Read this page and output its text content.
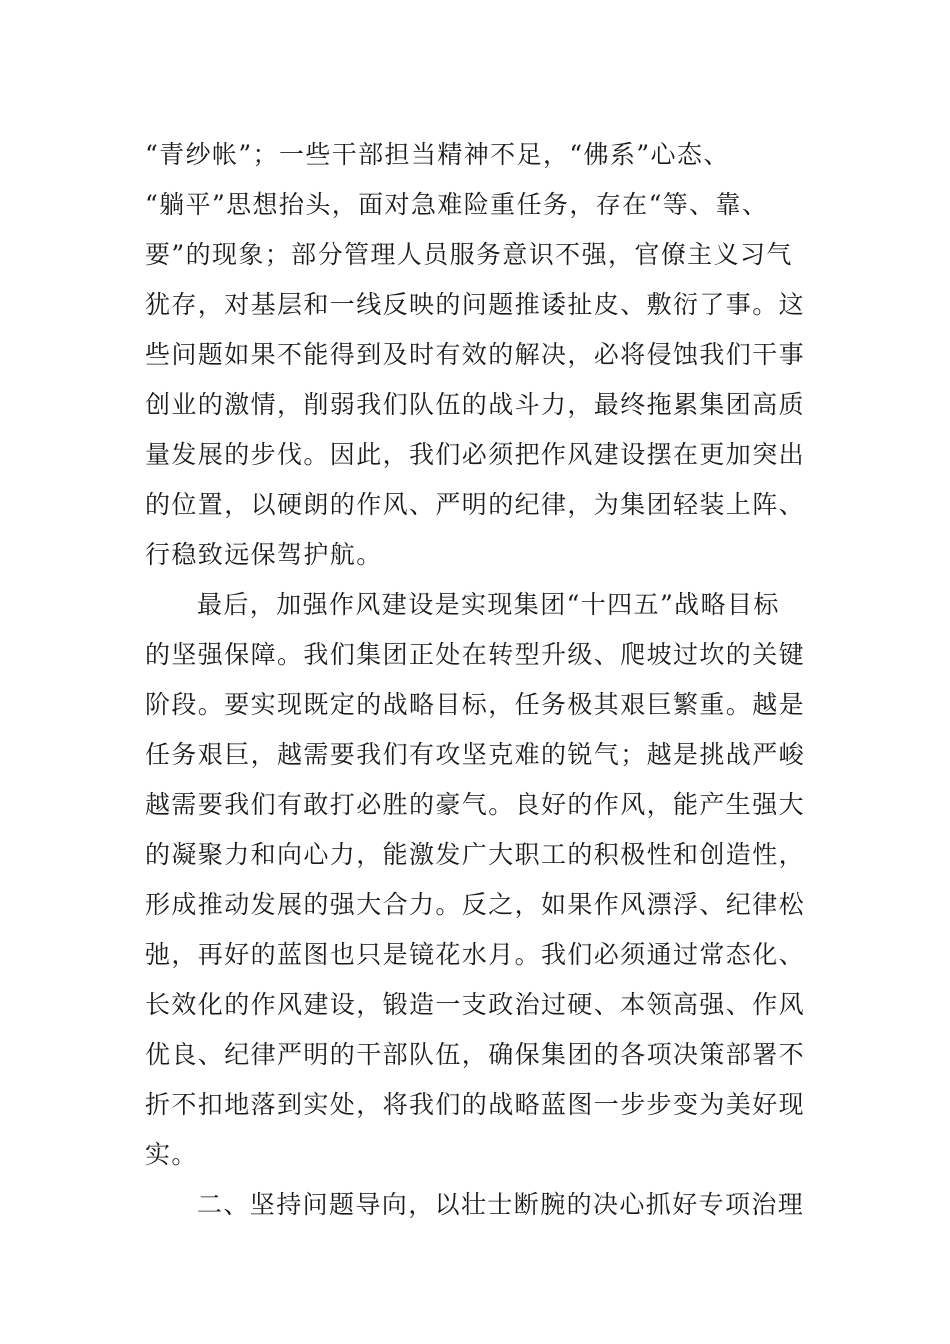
“青纱帐”；一些干部担当精神不足，“佛系”心态、
“躺平”思想抬头，面对急难险重任务，存在“等、靠、
要”的现象；部分管理人员服务意识不强，官僚主义习气
犹存，对基层和一线反映的问题推诿扯皮、敷衍了事。这
些问题如果不能得到及时有效的解决，必将侵蚀我们干事
创业的激情，削弱我们队伍的战斗力，最终拖累集团高质
量发展的步伐。因此，我们必须把作风建设摆在更加突出
的位置，以硬朗的作风、严明的纪律，为集团轻装上阵、
行稳致远保驾护航。
最后，加强作风建设是实现集团“十四五”战略目标
的坚强保障。我们集团正处在转型升级、爬坡过坎的关键
阶段。要实现既定的战略目标，任务极其艰巨繁重。越是
任务艰巨，越需要我们有攻坚克难的锐气；越是挑战严峻
越需要我们有敢打必胜的豪气。良好的作风，能产生强大
的凝聚力和向心力，能激发广大职工的积极性和创造性，
形成推动发展的强大合力。反之，如果作风漂浮、纪律松
弛，再好的蓝图也只是镜花水月。我们必须通过常态化、
长效化的作风建设，锻造一支政治过硬、本领高强、作风
优良、纪律严明的干部队伍，确保集团的各项决策部署不
折不扣地落到实处，将我们的战略蓝图一步步变为美好现
实。
二、坚持问题导向，以壮士断腕的决心抓好专项治理
